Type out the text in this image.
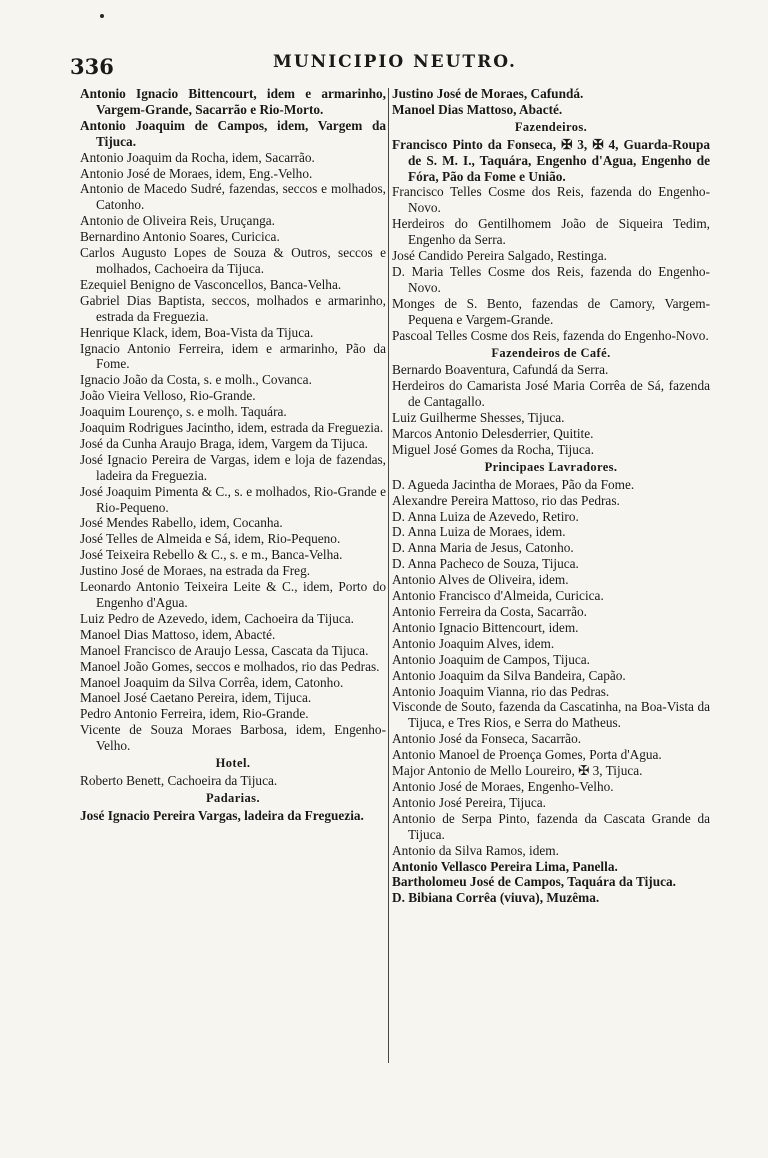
336	MUNICIPIO NEUTRO.

Antonio Ignacio Bittencourt, idem e armarinho, Vargem-Grande, Sacarrão e Rio-Morto.

Antonio Joaquim de Campos, idem, Vargem da Tijuca.

Antonio Joaquim da Rocha, idem, Sacarrão.

Antonio José de Moraes, idem, Eng.-Velho.

Antonio de Macedo Sudré, fazendas, seccos e molhados, Catonho.

Antonio de Oliveira Reis, Uruçanga.

Bernardino Antonio Soares, Curicica.

Carlos Augusto Lopes de Souza & Outros, seccos e molhados, Cachoeira da Tijuca.

Ezequiel Benigno de Vasconcellos, Banca-Velha.

Gabriel Dias Baptista, seccos, molhados e armarinho, estrada da Freguezia.

Henrique Klack, idem, Boa-Vista da Tijuca.

Ignacio Antonio Ferreira, idem e armarinho, Pão da Fome.

Ignacio João da Costa, s. e molh., Covanca.

João Vieira Velloso, Rio-Grande.

Joaquim Lourenço, s. e molh. Taquára.

Joaquim Rodrigues Jacintho, idem, estrada da Freguezia.

José da Cunha Araujo Braga, idem, Vargem da Tijuca.

José Ignacio Pereira de Vargas, idem e loja de fazendas, ladeira da Freguezia.

José Joaquim Pimenta & C., s. e molhados, Rio-Grande e Rio-Pequeno.

José Mendes Rabello, idem, Cocanha.

José Telles de Almeida e Sá, idem, Rio-Pequeno.

José Teixeira Rebello & C., s. e m., Banca-Velha.

Justino José de Moraes, na estrada da Freg.

Leonardo Antonio Teixeira Leite & C., idem, Porto do Engenho d'Agua.

Luiz Pedro de Azevedo, idem, Cachoeira da Tijuca.

Manoel Dias Mattoso, idem, Abacté.

Manoel Francisco de Araujo Lessa, Cascata da Tijuca.

Manoel João Gomes, seccos e molhados, rio das Pedras.

Manoel Joaquim da Silva Corrêa, idem, Catonho.

Manoel José Caetano Pereira, idem, Tijuca.

Pedro Antonio Ferreira, idem, Rio-Grande.

Vicente de Souza Moraes Barbosa, idem, Engenho-Velho.

Hotel.

Roberto Benett, Cachoeira da Tijuca.

Padarias.

José Ignacio Pereira Vargas, ladeira da Freguezia.

Justino José de Moraes, Cafundá.

Manoel Dias Mattoso, Abacté.

Fazendeiros.

Francisco Pinto da Fonseca, ✠ 3, ✠ 4, Guarda-Roupa de S. M. I., Taquára, Engenho d'Agua, Engenho de Fóra, Pão da Fome e União.

Francisco Telles Cosme dos Reis, fazenda do Engenho-Novo.

Herdeiros do Gentilhomem João de Siqueira Tedim, Engenho da Serra.

José Candido Pereira Salgado, Restinga.

D. Maria Telles Cosme dos Reis, fazenda do Engenho-Novo.

Monges de S. Bento, fazendas de Camory, Vargem-Pequena e Vargem-Grande.

Pascoal Telles Cosme dos Reis, fazenda do Engenho-Novo.

Fazendeiros de Café.

Bernardo Boaventura, Cafundá da Serra.

Herdeiros do Camarista José Maria Corrêa de Sá, fazenda de Cantagallo.

Luiz Guilherme Shesses, Tijuca.

Marcos Antonio Delesderrier, Quitite.

Miguel José Gomes da Rocha, Tijuca.

Principaes Lavradores.

D. Agueda Jacintha de Moraes, Pão da Fome.

Alexandre Pereira Mattoso, rio das Pedras.

D. Anna Luiza de Azevedo, Retiro.

D. Anna Luiza de Moraes, idem.

D. Anna Maria de Jesus, Catonho.

D. Anna Pacheco de Souza, Tijuca.

Antonio Alves de Oliveira, idem.

Antonio Francisco d'Almeida, Curicica.

Antonio Ferreira da Costa, Sacarrão.

Antonio Ignacio Bittencourt, idem.

Antonio Joaquim Alves, idem.

Antonio Joaquim de Campos, Tijuca.

Antonio Joaquim da Silva Bandeira, Capão.

Antonio Joaquim Vianna, rio das Pedras.

Visconde de Souto, fazenda da Cascatinha, na Boa-Vista da Tijuca, e Tres Rios, e Serra do Matheus.

Antonio José da Fonseca, Sacarrão.

Antonio Manoel de Proença Gomes, Porta d'Agua.

Major Antonio de Mello Loureiro, ✠ 3, Tijuca.

Antonio José de Moraes, Engenho-Velho.

Antonio José Pereira, Tijuca.

Antonio de Serpa Pinto, fazenda da Cascata Grande da Tijuca.

Antonio da Silva Ramos, idem.

Antonio Vellasco Pereira Lima, Panella.

Bartholomeu José de Campos, Taquára da Tijuca.

D. Bibiana Corrêa (viuva), Muzêma.
